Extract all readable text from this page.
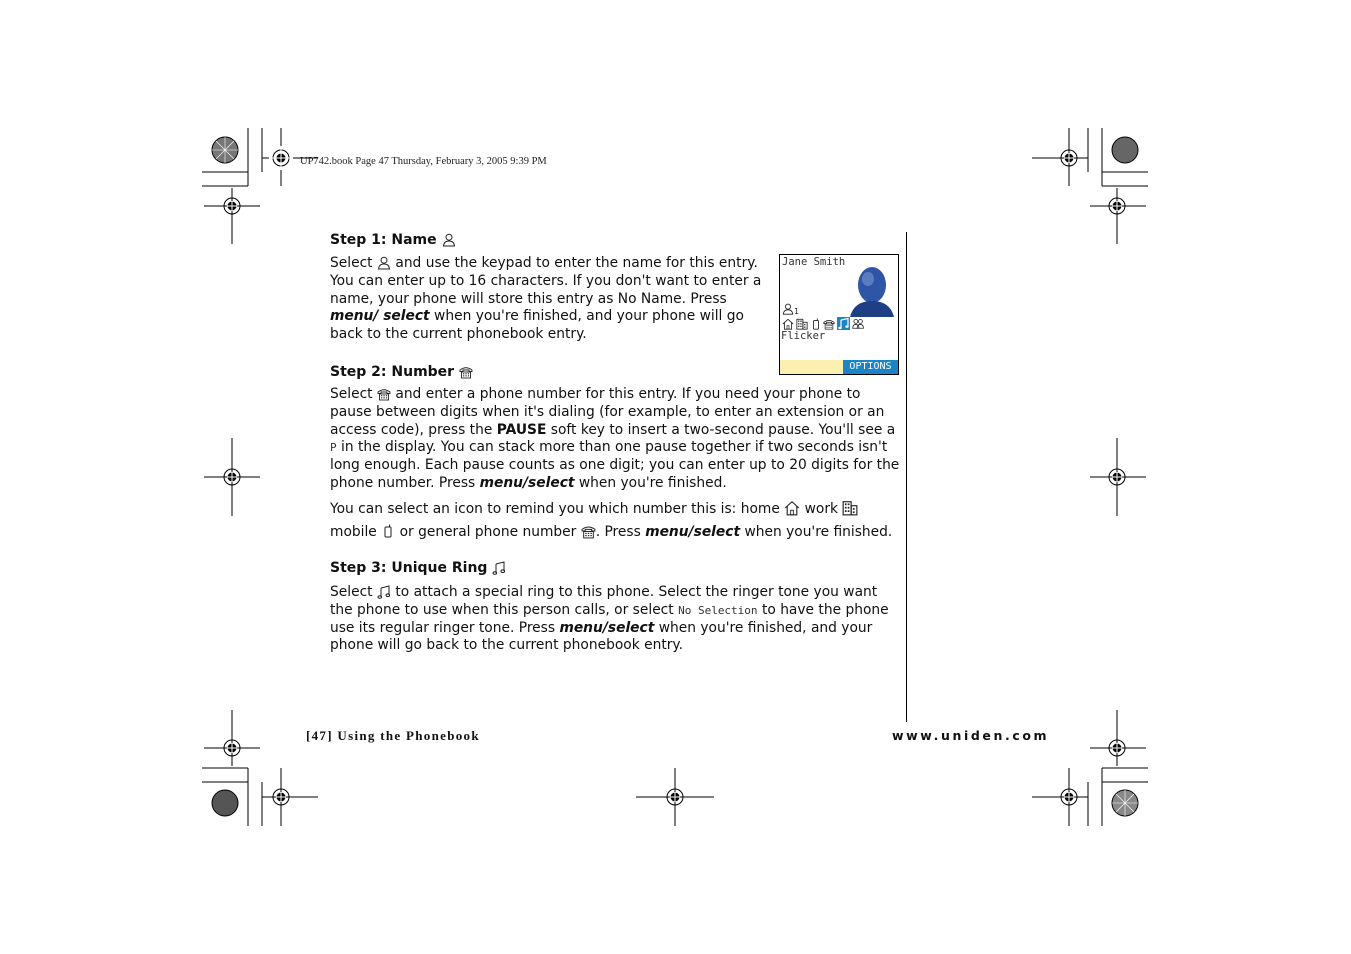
UP742.book Page 47 Thursday, February 3, 2005 9:39 PM
Jane Smith
1
Flicker
OPTIONS
Step 1: Name

Select and use the keypad to enter the name for this entry. You can enter up to 16 characters. If you don't want to enter a name, your phone will store this entry as No Name. Press menu/ select when you're finished, and your phone will go back to the current phonebook entry.

Step 2: Number

Select and enter a phone number for this entry. If you need your phone to pause between digits when it's dialing (for example, to enter an extension or an access code), press the PAUSE soft key to insert a two-second pause. You'll see a P in the display. You can stack more than one pause together if two seconds isn't long enough. Each pause counts as one digit; you can enter up to 20 digits for the phone number. Press menu/select when you're finished.

You can select an icon to remind you which number this is: home work
mobile or general phone number . Press menu/select when you're finished.

Step 3: Unique Ring

Select to attach a special ring to this phone. Select the ringer tone you want the phone to use when this person calls, or select No Selection to have the phone use its regular ringer tone. Press menu/select when you're finished, and your phone will go back to the current phonebook entry.

[47] Using the Phonebook	www.uniden.com
